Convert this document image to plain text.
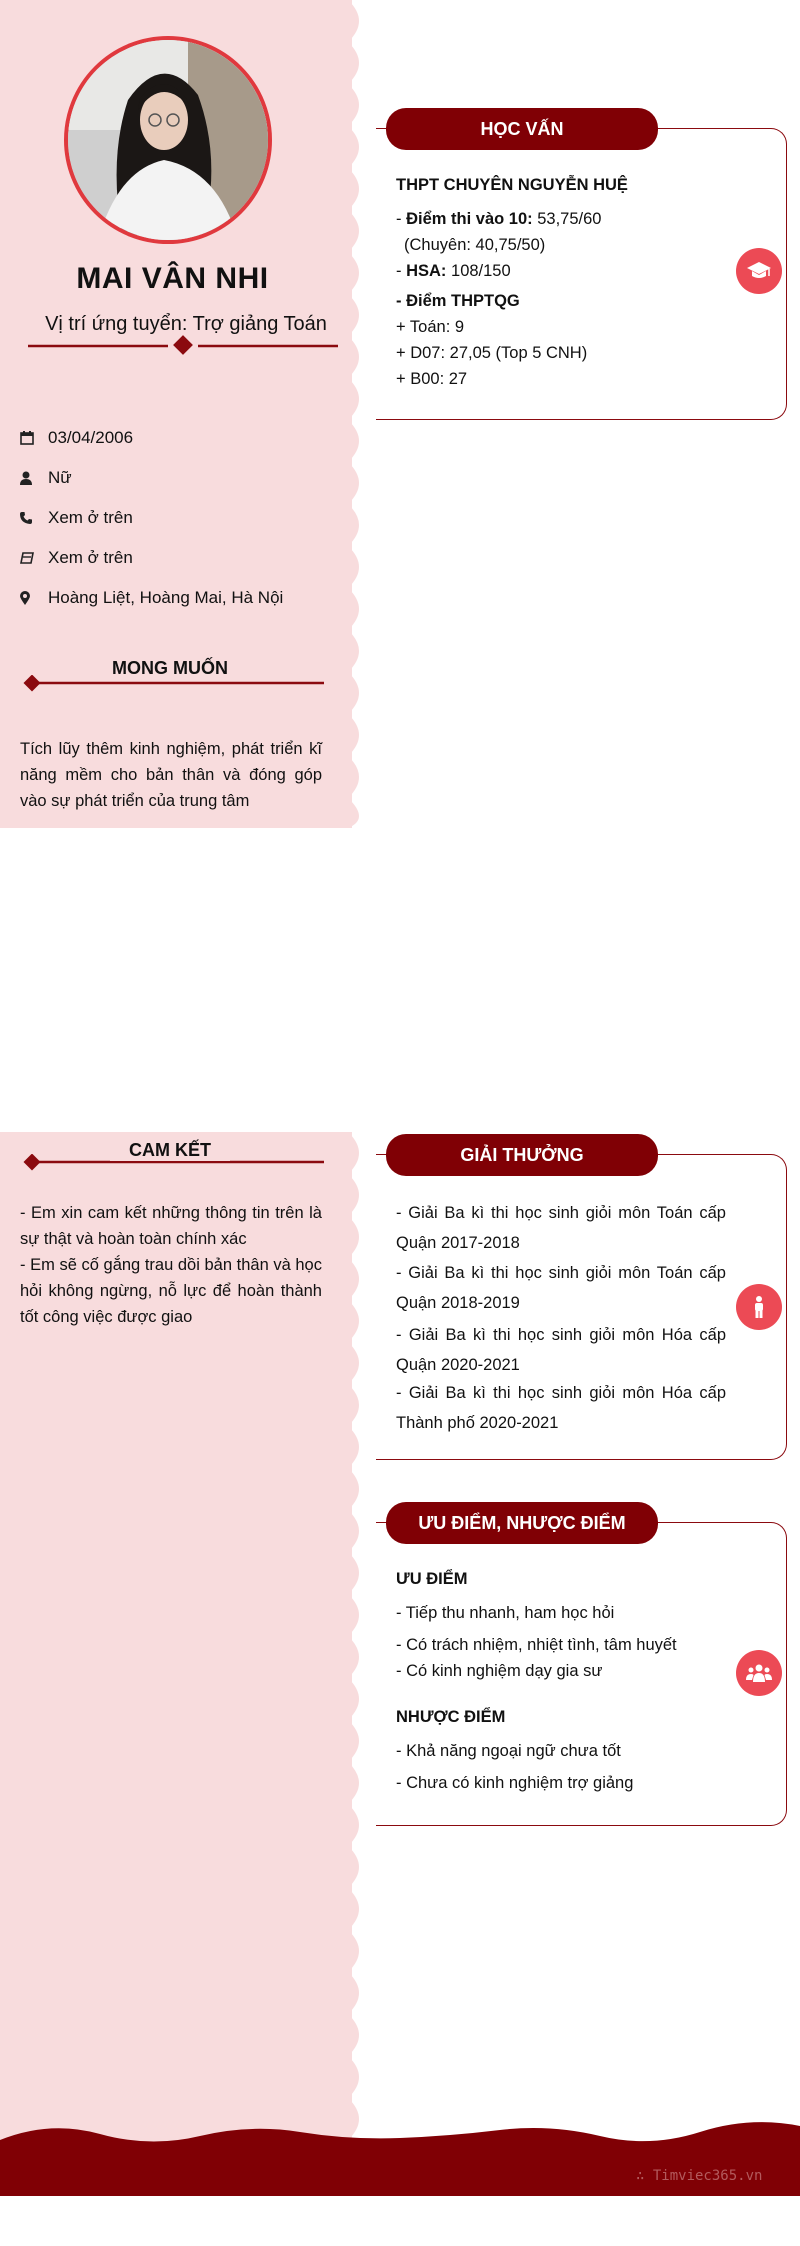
MAI VÂN NHI
Vị trí ứng tuyển: Trợ giảng Toán
03/04/2006
Nữ
Xem ở trên
Xem ở trên
Hoàng Liệt, Hoàng Mai, Hà Nội
MONG MUỐN
Tích lũy thêm kinh nghiệm, phát triển kĩ năng mềm cho bản thân và đóng góp vào sự phát triển của trung tâm
CAM KẾT
- Em xin cam kết những thông tin trên là sự thật và hoàn toàn chính xác
- Em sẽ cố gắng trau dồi bản thân và học hỏi không ngừng, nỗ lực để hoàn thành tốt công việc được giao
HỌC VẤN
THPT CHUYÊN NGUYỄN HUỆ
- Điểm thi vào 10: 53,75/60
(Chuyên: 40,75/50)
- HSA: 108/150
- Điểm THPTQG
+ Toán: 9
+ D07: 27,05 (Top 5 CNH)
+ B00: 27
GIẢI THƯỞNG
- Giải Ba kì thi học sinh giỏi môn Toán cấp Quận 2017-2018
- Giải Ba kì thi học sinh giỏi môn Toán cấp Quận 2018-2019
- Giải Ba kì thi học sinh giỏi môn Hóa cấp Quận 2020-2021
- Giải Ba kì thi học sinh giỏi môn Hóa cấp Thành phố 2020-2021
ƯU ĐIỂM, NHƯỢC ĐIỂM
ƯU ĐIỂM
- Tiếp thu nhanh, ham học hỏi
- Có trách nhiệm, nhiệt tình, tâm huyết
- Có kinh nghiệm dạy gia sư
NHƯỢC ĐIỂM
- Khả năng ngoại ngữ chưa tốt
- Chưa có kinh nghiệm trợ giảng
∴ Timviec365.vn
